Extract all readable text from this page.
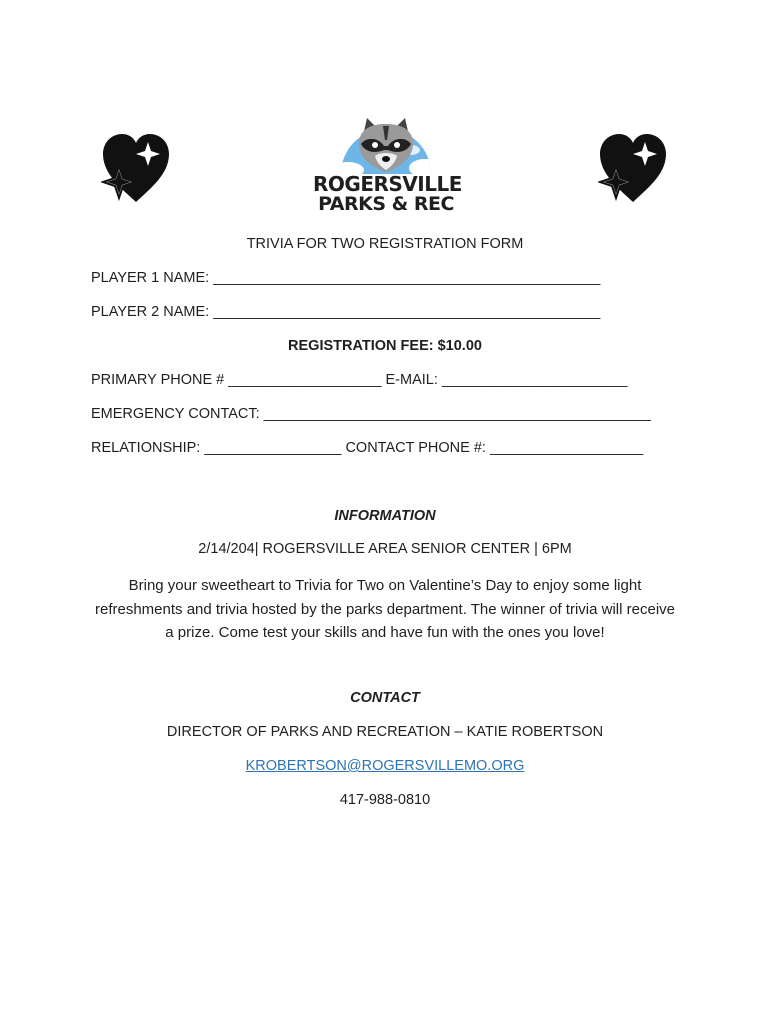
ROGERSVILLE
PARKS & REC
TRIVIA FOR TWO REGISTRATION FORM
PLAYER 1 NAME: ________________________________________________
PLAYER 2 NAME: ________________________________________________
REGISTRATION FEE: $10.00
PRIMARY PHONE # ___________________ E-MAIL: _______________________
EMERGENCY CONTACT: ________________________________________________
RELATIONSHIP: _________________ CONTACT PHONE #: ___________________
INFORMATION
2/14/204| ROGERSVILLE AREA SENIOR CENTER | 6PM
Bring your sweetheart to Trivia for Two on Valentine’s Day to enjoy some light refreshments and trivia hosted by the parks department. The winner of trivia will receive a prize. Come test your skills and have fun with the ones you love!
CONTACT
DIRECTOR OF PARKS AND RECREATION – KATIE ROBERTSON
KROBERTSON@ROGERSVILLEMO.ORG
417-988-0810
